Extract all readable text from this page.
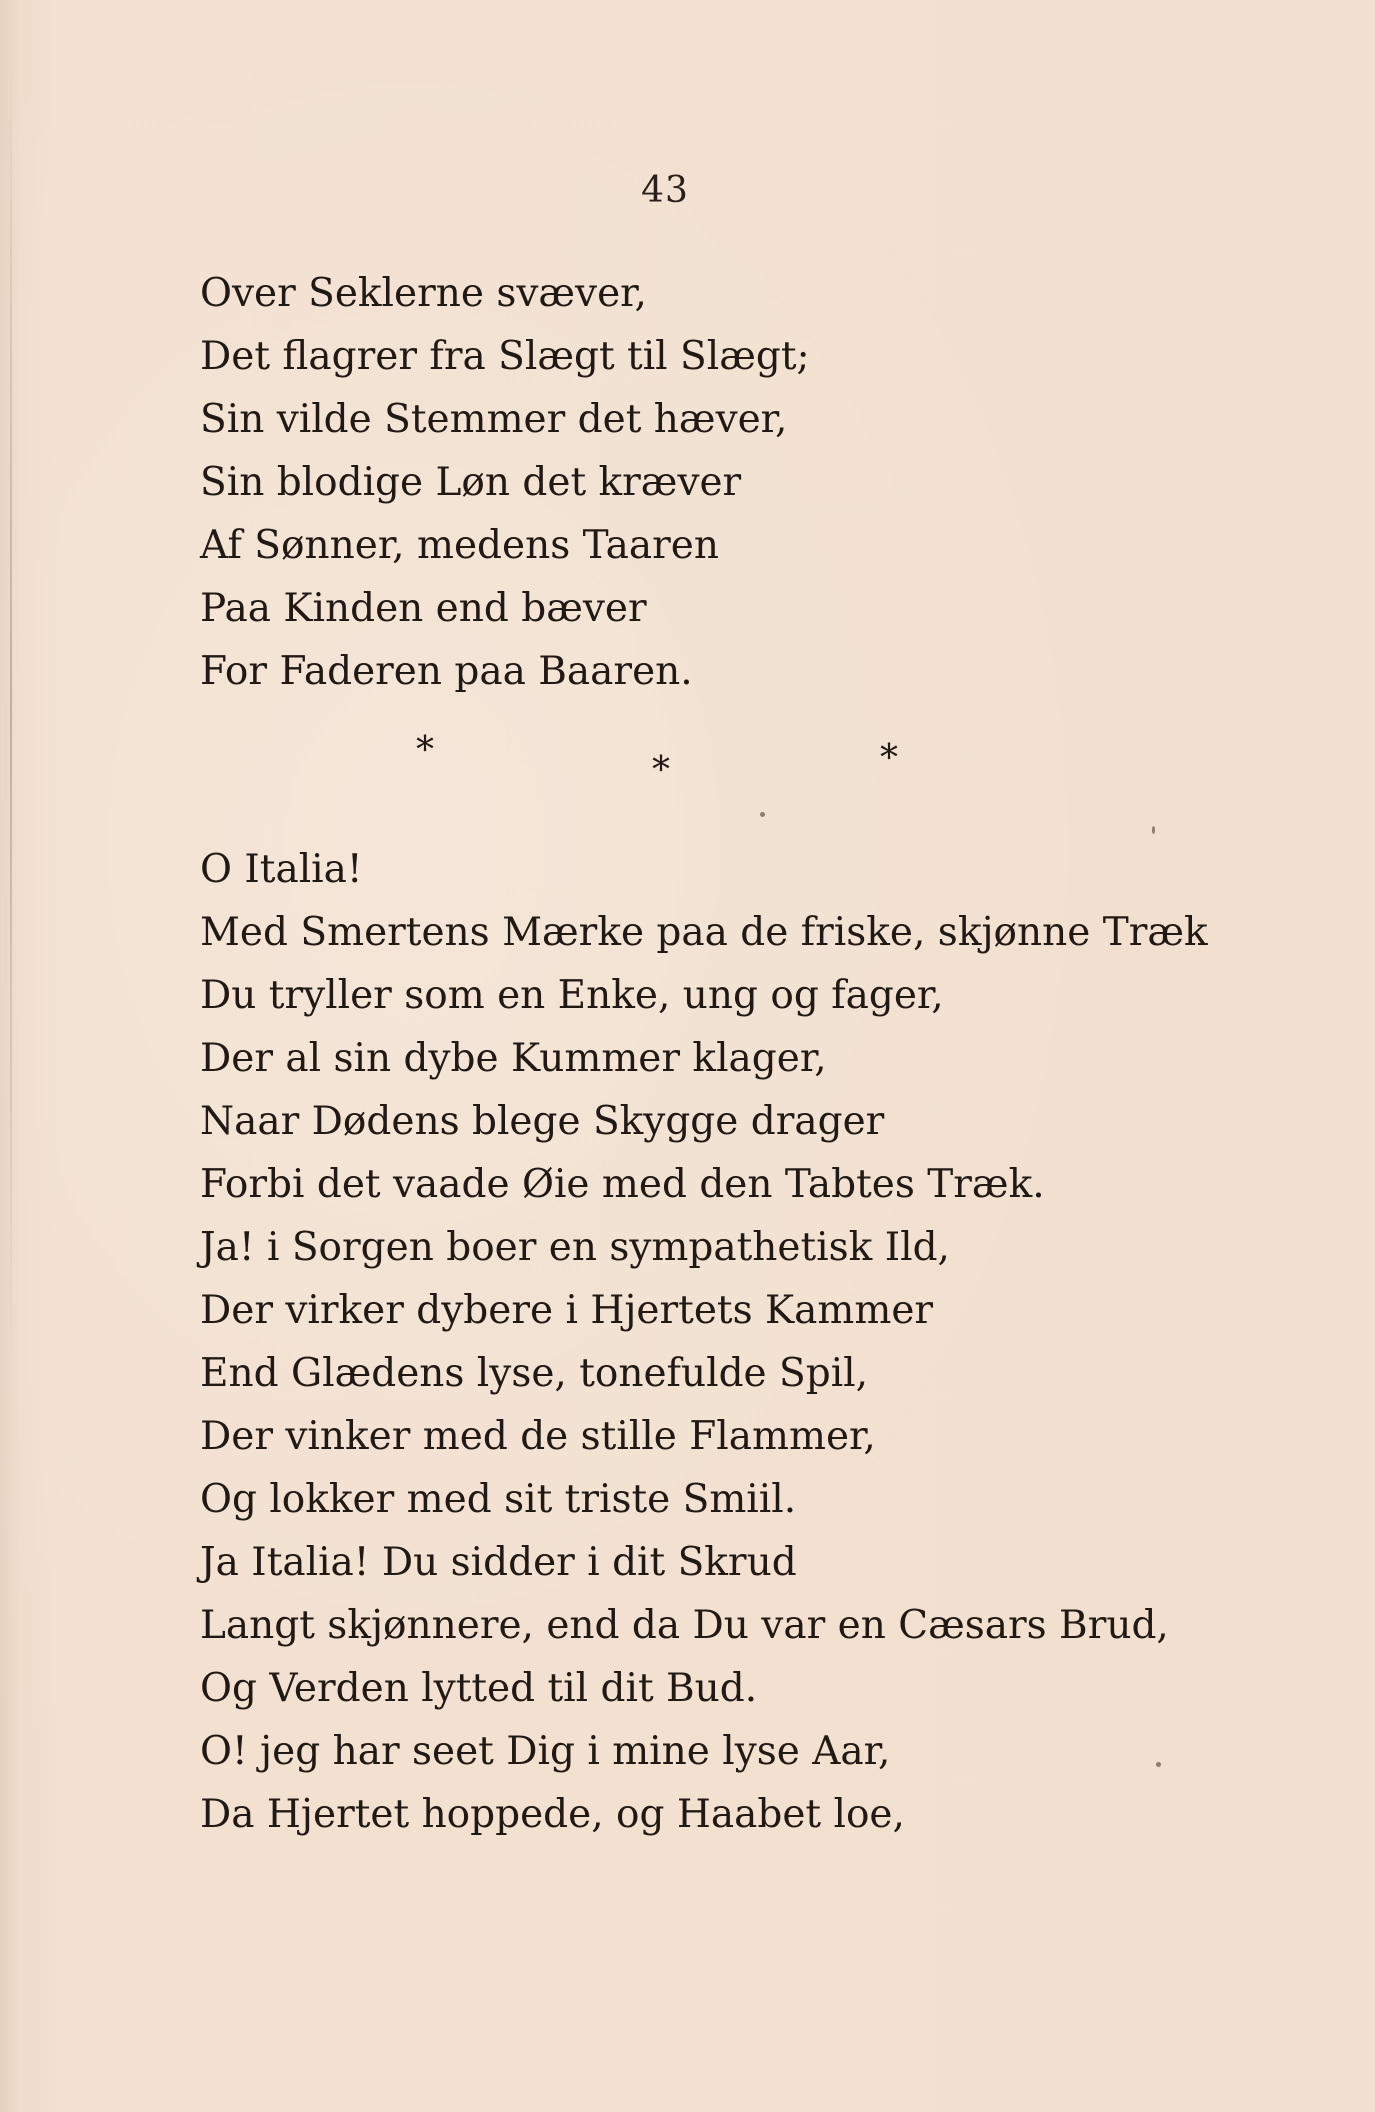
43
Over Seklerne svæver,
Det flagrer fra Slægt til Slægt;
Sin vilde Stemmer det hæver,
Sin blodige Løn det kræver
Af Sønner, medens Taaren
Paa Kinden end bæver
For Faderen paa Baaren.
*	*	*
O Italia!
Med Smertens Mærke paa de friske, skjønne Træk
Du tryller som en Enke, ung og fager,
Der al sin dybe Kummer klager,
Naar Dødens blege Skygge drager
Forbi det vaade Øie med den Tabtes Træk.
Ja! i Sorgen boer en sympathetisk Ild,
Der virker dybere i Hjertets Kammer
End Glædens lyse, tonefulde Spil,
Der vinker med de stille Flammer,
Og lokker med sit triste Smiil.
Ja Italia! Du sidder i dit Skrud
Langt skjønnere, end da Du var en Cæsars Brud,
Og Verden lytted til dit Bud.
O! jeg har seet Dig i mine lyse Aar,
Da Hjertet hoppede, og Haabet loe,
